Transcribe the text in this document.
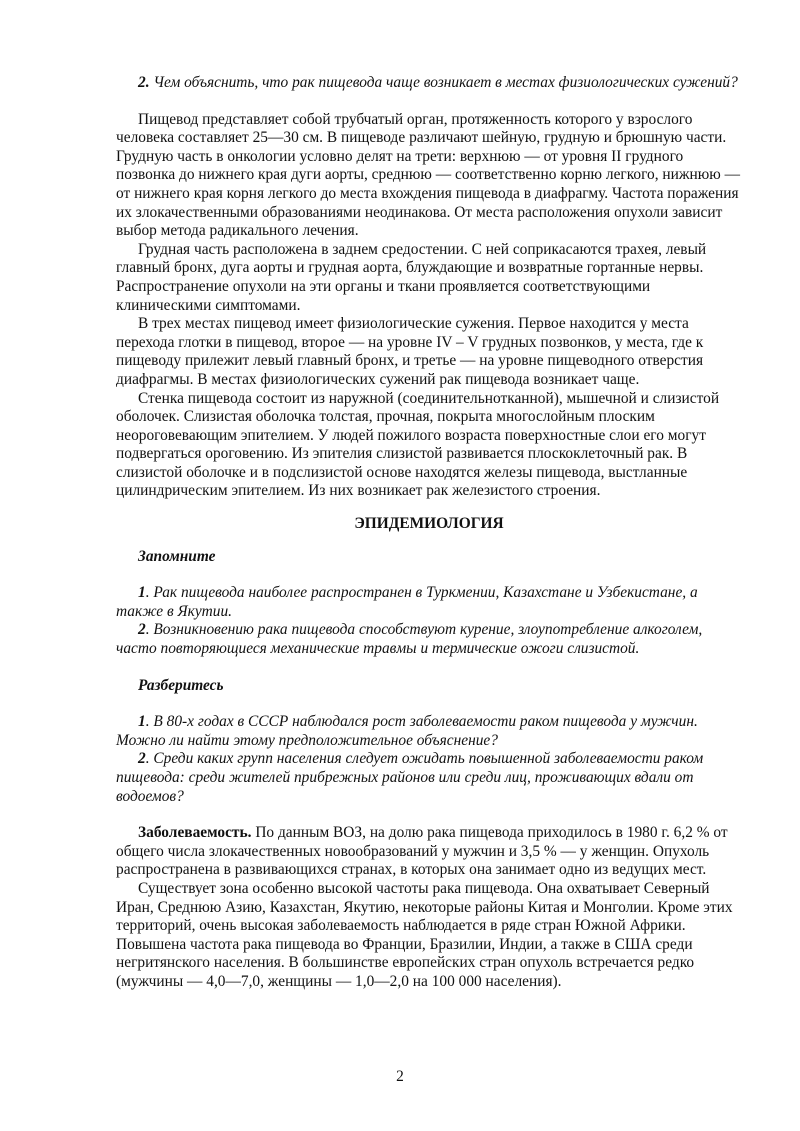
2. Чем объяснить, что рак пищевода чаще возникает в местах физиологических сужений?

Пищевод представляет собой трубчатый орган, протяженность которого у взрослого человека составляет 25—30 см. В пищеводе различают шейную, грудную и брюшную части. Грудную часть в онкологии условно делят на трети: верхнюю — от уровня II грудного позвонка до нижнего края дуги аорты, среднюю — соответственно корню легкого, нижнюю — от нижнего края корня легкого до места вхождения пищевода в диафрагму. Частота поражения их злокачественными образованиями неодинакова. От места расположения опухоли зависит выбор метода радикального лечения.

Грудная часть расположена в заднем средостении. С ней соприкасаются трахея, левый главный бронх, дуга аорты и грудная аорта, блуждающие и возвратные гортанные нервы. Распространение опухоли на эти органы и ткани проявляется соответствующими клиническими симптомами.

В трех местах пищевод имеет физиологические сужения. Первое находится у места перехода глотки в пищевод, второе — на уровне IV – V грудных позвонков, у места, где к пищеводу прилежит левый главный бронх, и третье — на уровне пищеводного отверстия диафрагмы. В местах физиологических сужений рак пищевода возникает чаще.

Стенка пищевода состоит из наружной (соединительнотканной), мышечной и слизистой оболочек. Слизистая оболочка толстая, прочная, покрыта многослойным плоским неороговевающим эпителием. У людей пожилого возраста поверхностные слои его могут подвергаться ороговению. Из эпителия слизистой развивается плоскоклеточный рак. В слизистой оболочке и в подслизистой основе находятся железы пищевода, выстланные цилиндрическим эпителием. Из них возникает рак железистого строения.

ЭПИДЕМИОЛОГИЯ

Запомните

1. Рак пищевода наиболее распространен в Туркмении, Казахстане и Узбекистане, а также в Якутии.

2. Возникновению рака пищевода способствуют курение, злоупотребление алкоголем, часто повторяющиеся механические травмы и термические ожоги слизистой.

Разберитесь

1. В 80-х годах в СССР наблюдался рост заболеваемости раком пищевода у мужчин. Можно ли найти этому предположительное объяснение?

2. Среди каких групп населения следует ожидать повышенной заболеваемости раком пищевода: среди жителей прибрежных районов или среди лиц, проживающих вдали от водоемов?

Заболеваемость. По данным ВОЗ, на долю рака пищевода приходилось в 1980 г. 6,2 % от общего числа злокачественных новообразований у мужчин и 3,5 % — у женщин. Опухоль распространена в развивающихся странах, в которых она занимает одно из ведущих мест.

Существует зона особенно высокой частоты рака пищевода. Она охватывает Северный Иран, Среднюю Азию, Казахстан, Якутию, некоторые районы Китая и Монголии. Кроме этих территорий, очень высокая заболеваемость наблюдается в ряде стран Южной Африки. Повышена частота рака пищевода во Франции, Бразилии, Индии, а также в США среди негритянского населения. В большинстве европейских стран опухоль встречается редко (мужчины — 4,0—7,0, женщины — 1,0—2,0 на 100 000 населения).

2
